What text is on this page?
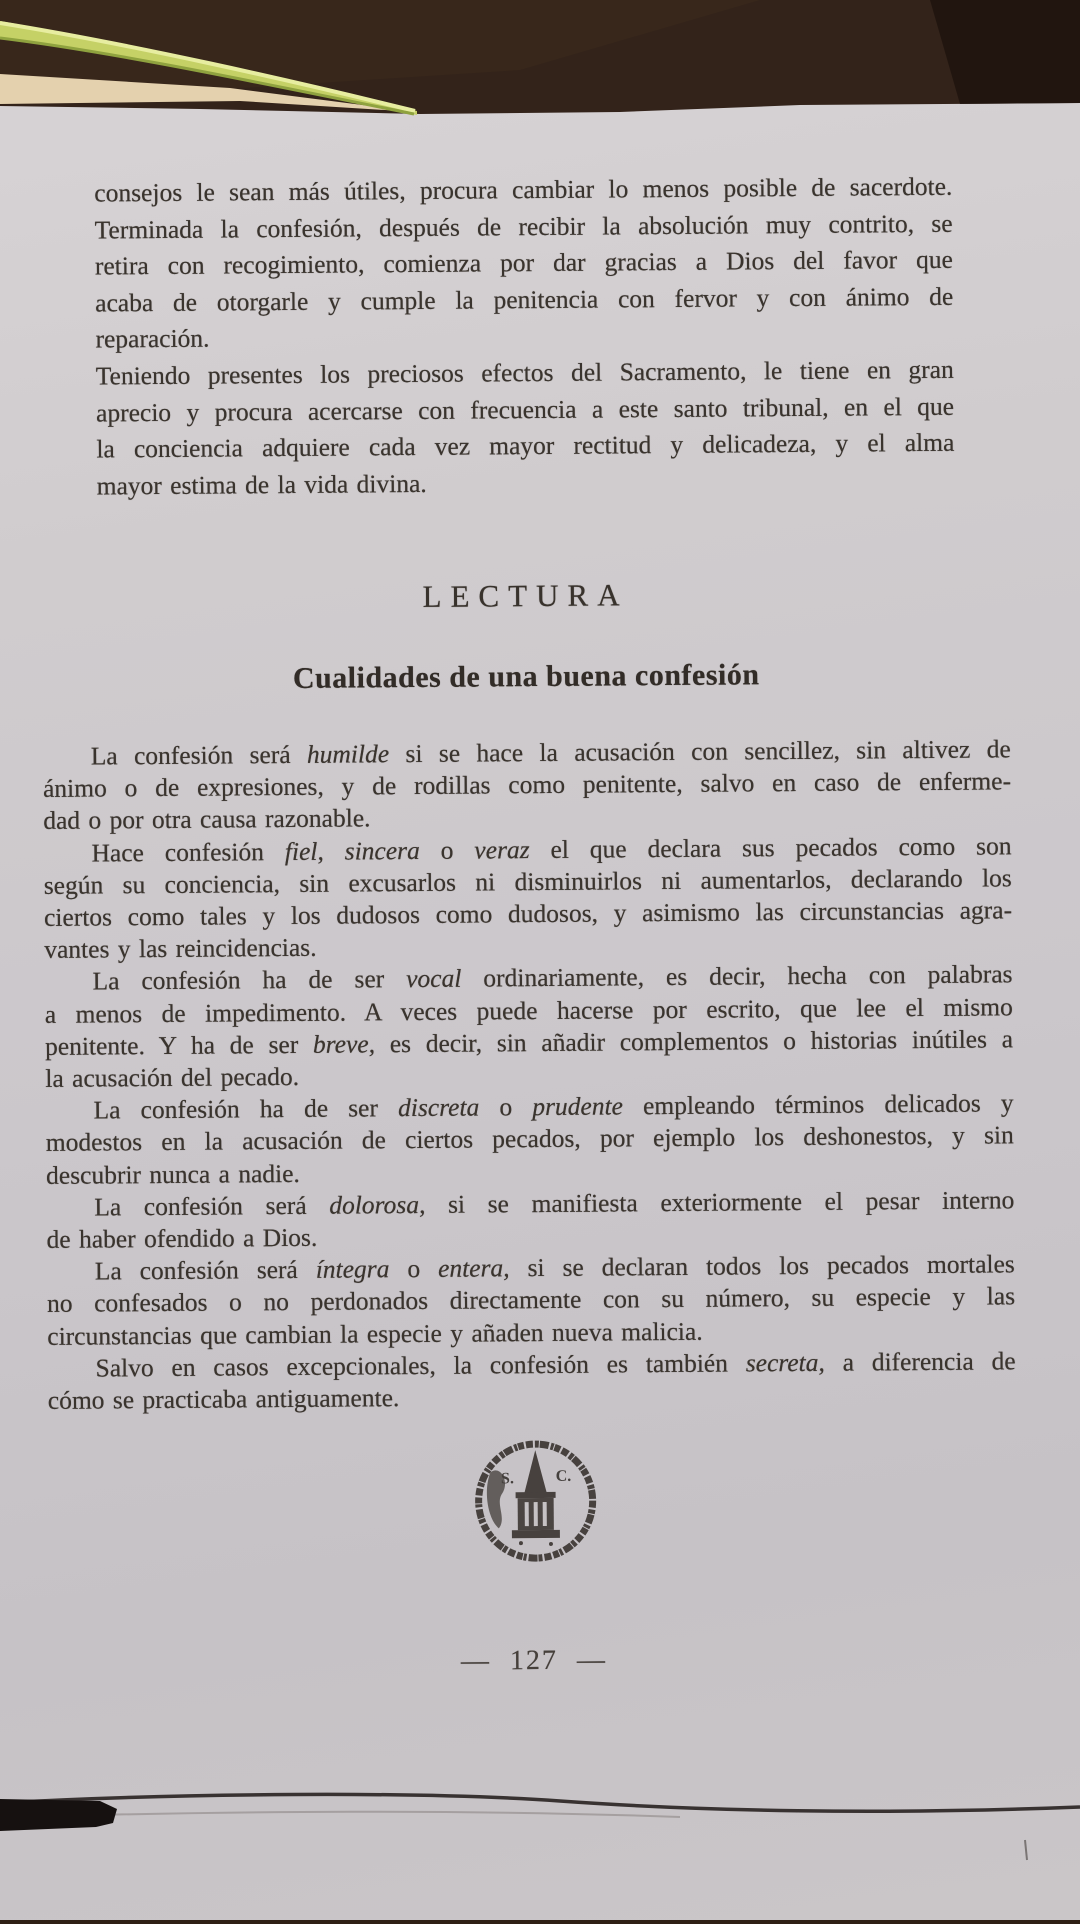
consejos le sean más útiles, procura cambiar lo menos posible de sacerdote.
Terminada la confesión, después de recibir la absolución muy contrito, se
retira con recogimiento, comienza por dar gracias a Dios del favor que
acaba de otorgarle y cumple la penitencia con fervor y con ánimo de
reparación.
Teniendo presentes los preciosos efectos del Sacramento, le tiene en gran
aprecio y procura acercarse con frecuencia a este santo tribunal, en el que
la conciencia adquiere cada vez mayor rectitud y delicadeza, y el alma
mayor estima de la vida divina.
LECTURA
Cualidades de una buena confesión
La confesión será humilde si se hace la acusación con sencillez, sin altivez de
ánimo o de expresiones, y de rodillas como penitente, salvo en caso de enferme-
dad o por otra causa razonable.
Hace confesión fiel, sincera o veraz el que declara sus pecados como son
según su conciencia, sin excusarlos ni disminuirlos ni aumentarlos, declarando los
ciertos como tales y los dudosos como dudosos, y asimismo las circunstancias agra-
vantes y las reincidencias.
La confesión ha de ser vocal ordinariamente, es decir, hecha con palabras
a menos de impedimento. A veces puede hacerse por escrito, que lee el mismo
penitente. Y ha de ser breve, es decir, sin añadir complementos o historias inútiles a
la acusación del pecado.
La confesión ha de ser discreta o prudente empleando términos delicados y
modestos en la acusación de ciertos pecados, por ejemplo los deshonestos, y sin
descubrir nunca a nadie.
La confesión será dolorosa, si se manifiesta exteriormente el pesar interno
de haber ofendido a Dios.
La confesión será íntegra o entera, si se declaran todos los pecados mortales
no confesados o no perdonados directamente con su número, su especie y las
circunstancias que cambian la especie y añaden nueva malicia.
Salvo en casos excepcionales, la confesión es también secreta, a diferencia de
cómo se practicaba antiguamente.
S.	C.
— 127 —
